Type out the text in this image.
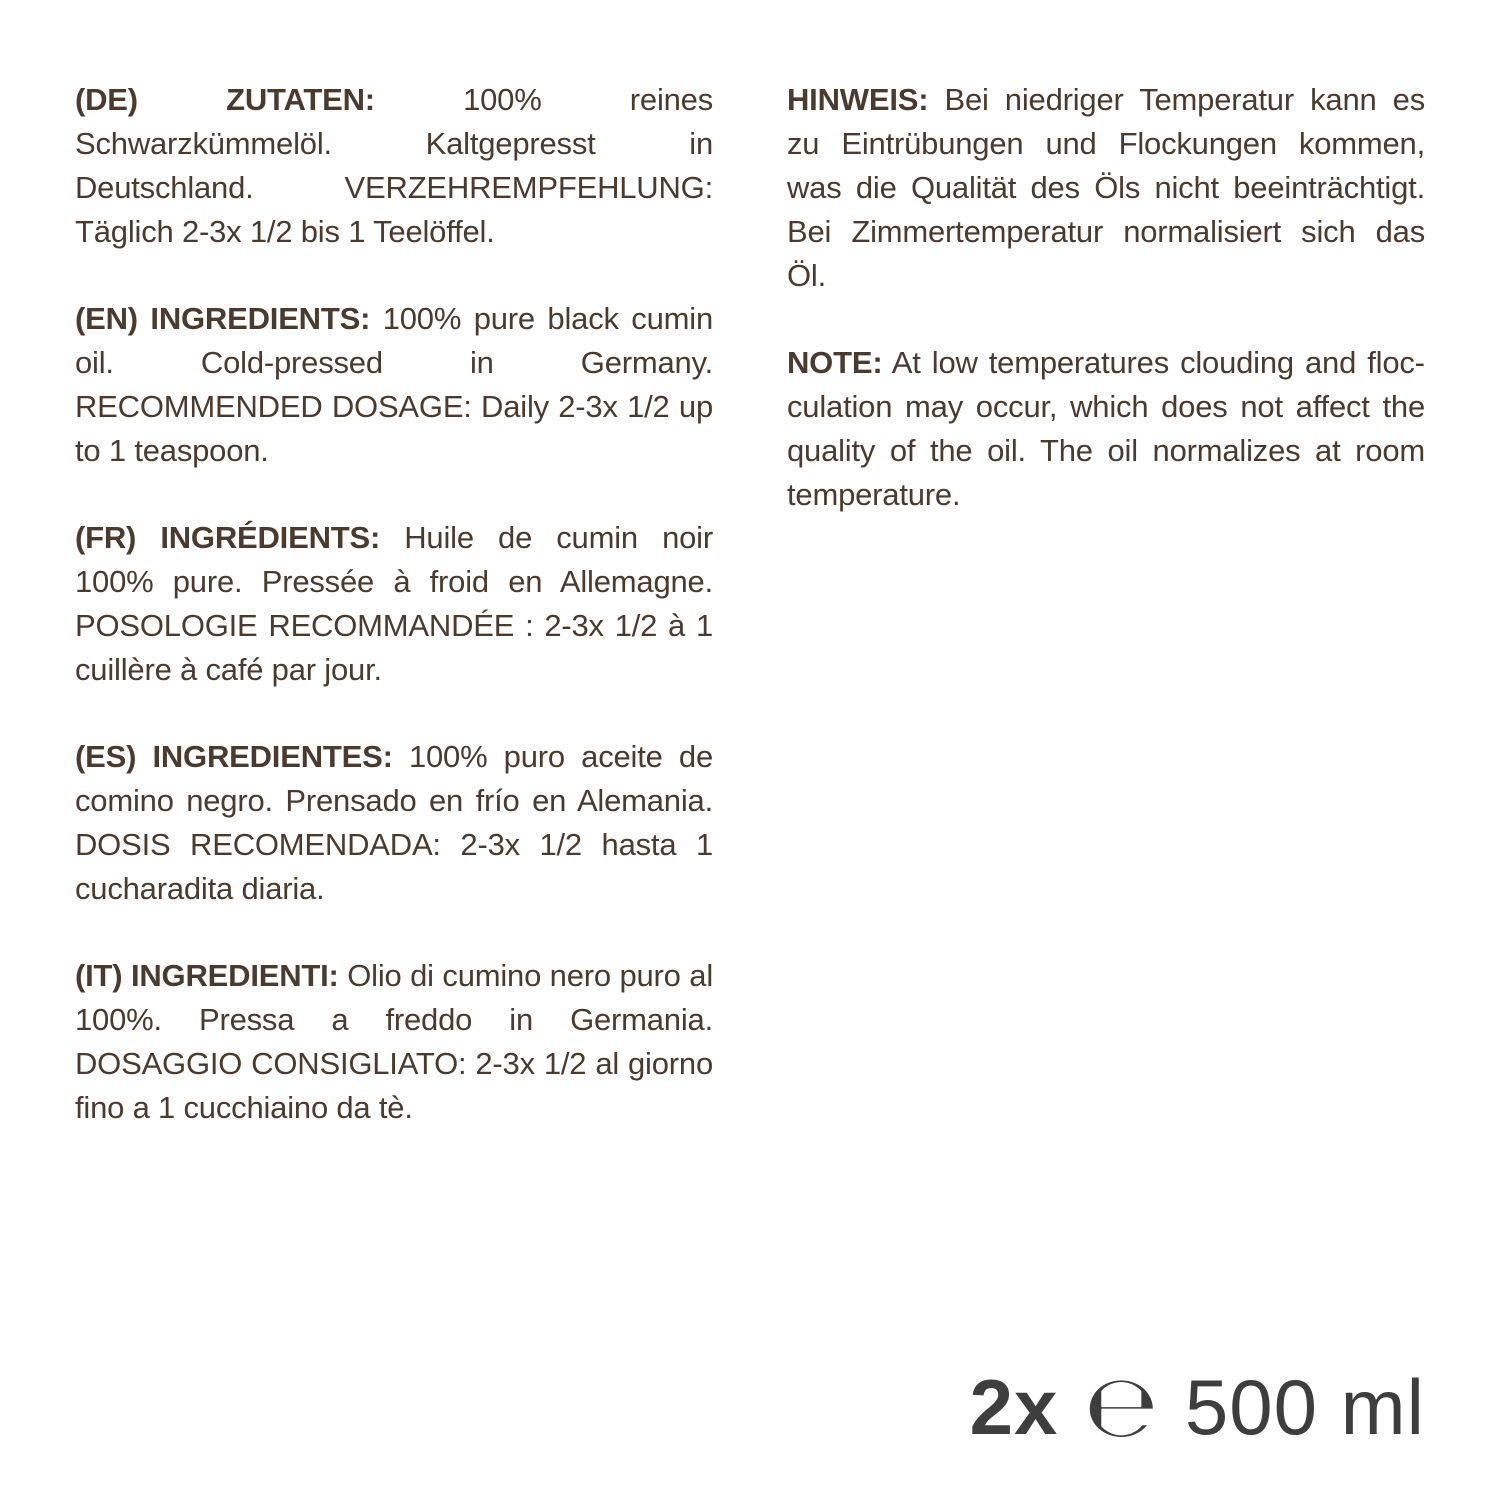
(DE) ZUTATEN: 100% reines Schwarzkümmelöl. Kaltgepresst in Deutschland. VERZEHREMPFEHLUNG: Täglich 2-3x 1/2 bis 1 Teelöffel.

(EN) INGREDIENTS: 100% pure black cumin oil. Cold-pressed in Germany. RECOMMENDED DOSAGE: Daily 2-3x 1/2 up to 1 teaspoon.

(FR) INGRÉDIENTS: Huile de cumin noir 100% pure. Pressée à froid en Allemagne. POSOLOGIE RECOMMANDÉE : 2-3x 1/2 à 1 cuillère à café par jour.

(ES) INGREDIENTES: 100% puro aceite de comino negro. Prensado en frío en Alemania. DOSIS RECOMENDADA: 2-3x 1/2 hasta 1 cucharadita diaria.

(IT) INGREDIENTI: Olio di cumino nero puro al 100%. Pressa a freddo in Germania. DOSAGGIO CONSIGLIATO: 2-3x 1/2 al giorno fino a 1 cucchiaino da tè.

HINWEIS: Bei niedriger Temperatur kann es zu Eintrübungen und Flockungen kommen, was die Qualität des Öls nicht beeinträchtigt. Bei Zimmertemperatur normalisiert sich das Öl.

NOTE: At low temperatures clouding and flocculation may occur, which does not affect the quality of the oil. The oil normalizes at room temperature.

2x ℮ 500 ml
